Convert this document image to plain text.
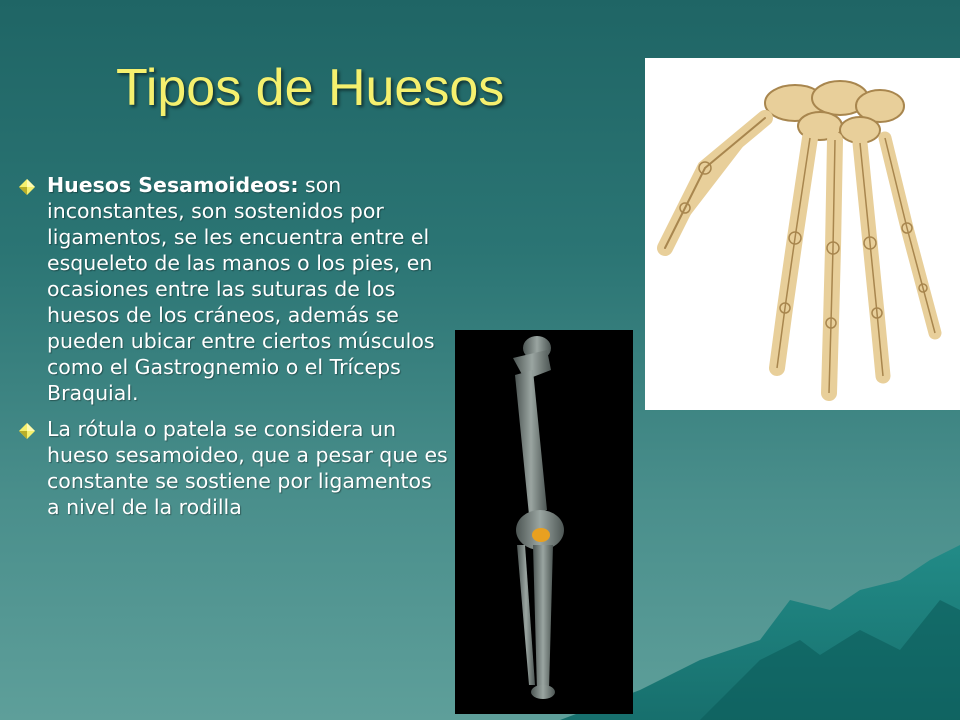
Tipos de Huesos
Huesos Sesamoideos: son inconstantes, son sostenidos por ligamentos, se les encuentra entre el esqueleto de las manos o los pies, en ocasiones entre las suturas de los huesos de los cráneos, además se pueden ubicar entre ciertos músculos como el Gastrognemio o el Tríceps Braquial.
La rótula o patela se considera un hueso sesamoideo, que a pesar que es constante se sostiene por ligamentos a nivel de la rodilla
